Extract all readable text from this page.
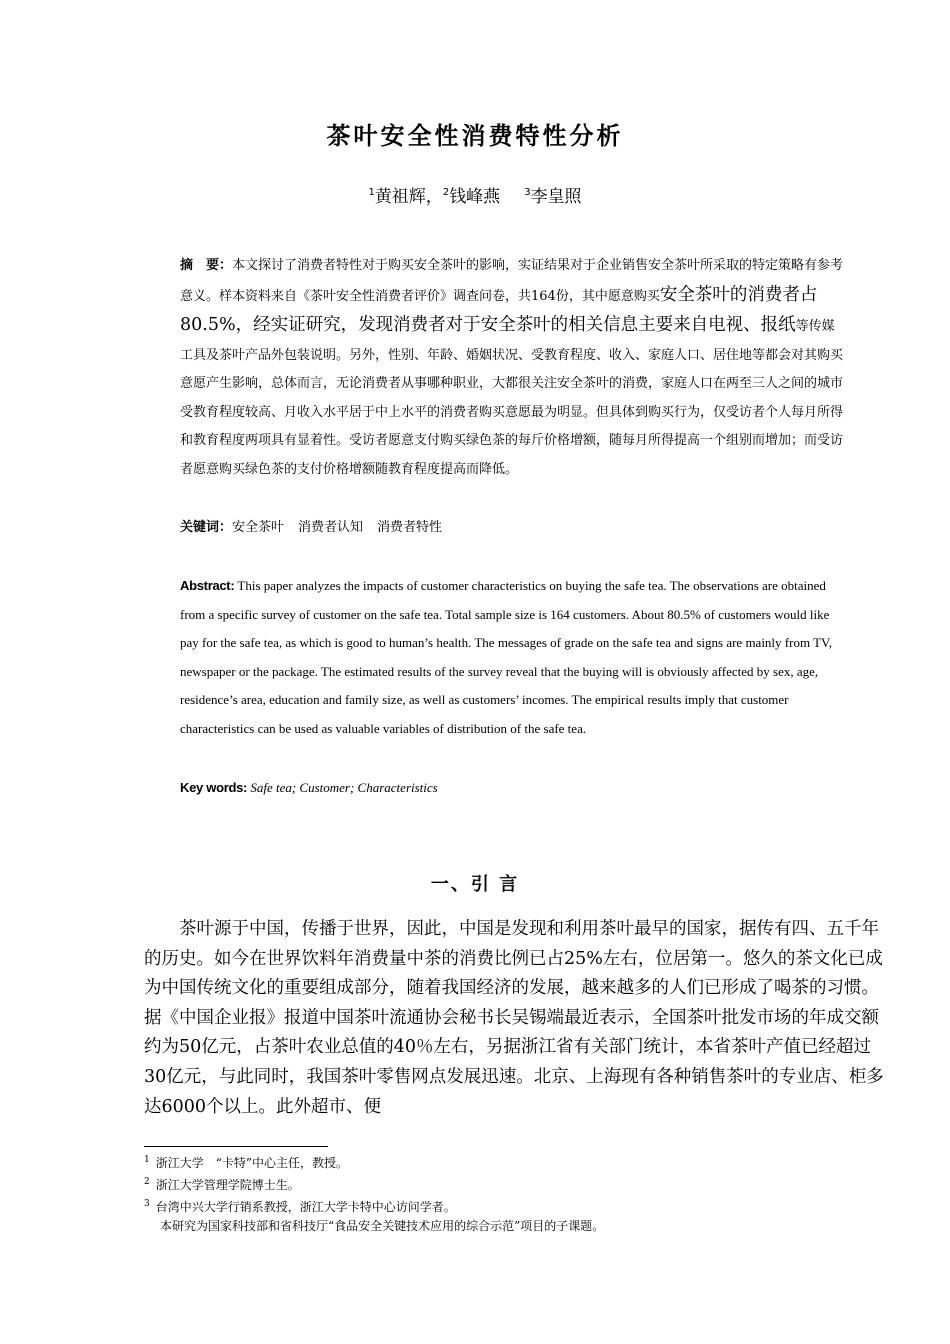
茶叶安全性消费特性分析
$^1$黄祖辉，$^2$钱峰燕 $^3$李皇照
摘　要：本文探讨了消费者特性对于购买安全茶叶的影响，实证结果对于企业销售安全茶叶所采取的特定策略有参考意义。样本资料来自《茶叶安全性消费者评价》调查问卷，共164份，其中愿意购买安全茶叶的消费者占80.5%，经实证研究，发现消费者对于安全茶叶的相关信息主要来自电视、报纸等传媒工具及茶叶产品外包装说明。另外，性别、年龄、婚姻状况、受教育程度、收入、家庭人口、居住地等都会对其购买意愿产生影响，总体而言，无论消费者从事哪种职业，大都很关注安全茶叶的消费，家庭人口在两至三人之间的城市受教育程度较高、月收入水平居于中上水平的消费者购买意愿最为明显。但具体到购买行为，仅受访者个人每月所得和教育程度两项具有显着性。受访者愿意支付购买绿色茶的每斤价格增额，随每月所得提高一个组别而增加；而受访者愿意购买绿色茶的支付价格增额随教育程度提高而降低。
关键词：安全茶叶 消费者认知 消费者特性
Abstract: This paper analyzes the impacts of customer characteristics on buying the safe tea. The observations are obtained from a specific survey of customer on the safe tea. Total sample size is 164 customers. About 80.5% of customers would like pay for the safe tea, as which is good to human’s health. The messages of grade on the safe tea and signs are mainly from TV, newspaper or the package. The estimated results of the survey reveal that the buying will is obviously affected by sex, age, residence’s area, education and family size, as well as customers’ incomes. The empirical results imply that customer characteristics can be used as valuable variables of distribution of the safe tea.
Key words: Safe tea; Customer; Characteristics
一、引 言
茶叶源于中国，传播于世界，因此，中国是发现和利用茶叶最早的国家，据传有四、五千年的历史。如今在世界饮料年消费量中茶的消费比例已占25%左右，位居第一。悠久的茶文化已成为中国传统文化的重要组成部分，随着我国经济的发展，越来越多的人们已形成了喝茶的习惯。据《中国企业报》报道中国茶叶流通协会秘书长吴锡端最近表示，全国茶叶批发市场的年成交额约为50亿元，占茶叶农业总值的40％左右，另据浙江省有关部门统计，本省茶叶产值已经超过30亿元，与此同时，我国茶叶零售网点发展迅速。北京、上海现有各种销售茶叶的专业店、柜多达6000个以上。此外超市、便
$^1$ 浙江大学　“卡特”中心主任，教授。
$^2$ 浙江大学管理学院博士生。
$^3$ 台湾中兴大学行销系教授，浙江大学卡特中心访问学者。
本研究为国家科技部和省科技厅“食品安全关键技术应用的综合示范”项目的子课题。
